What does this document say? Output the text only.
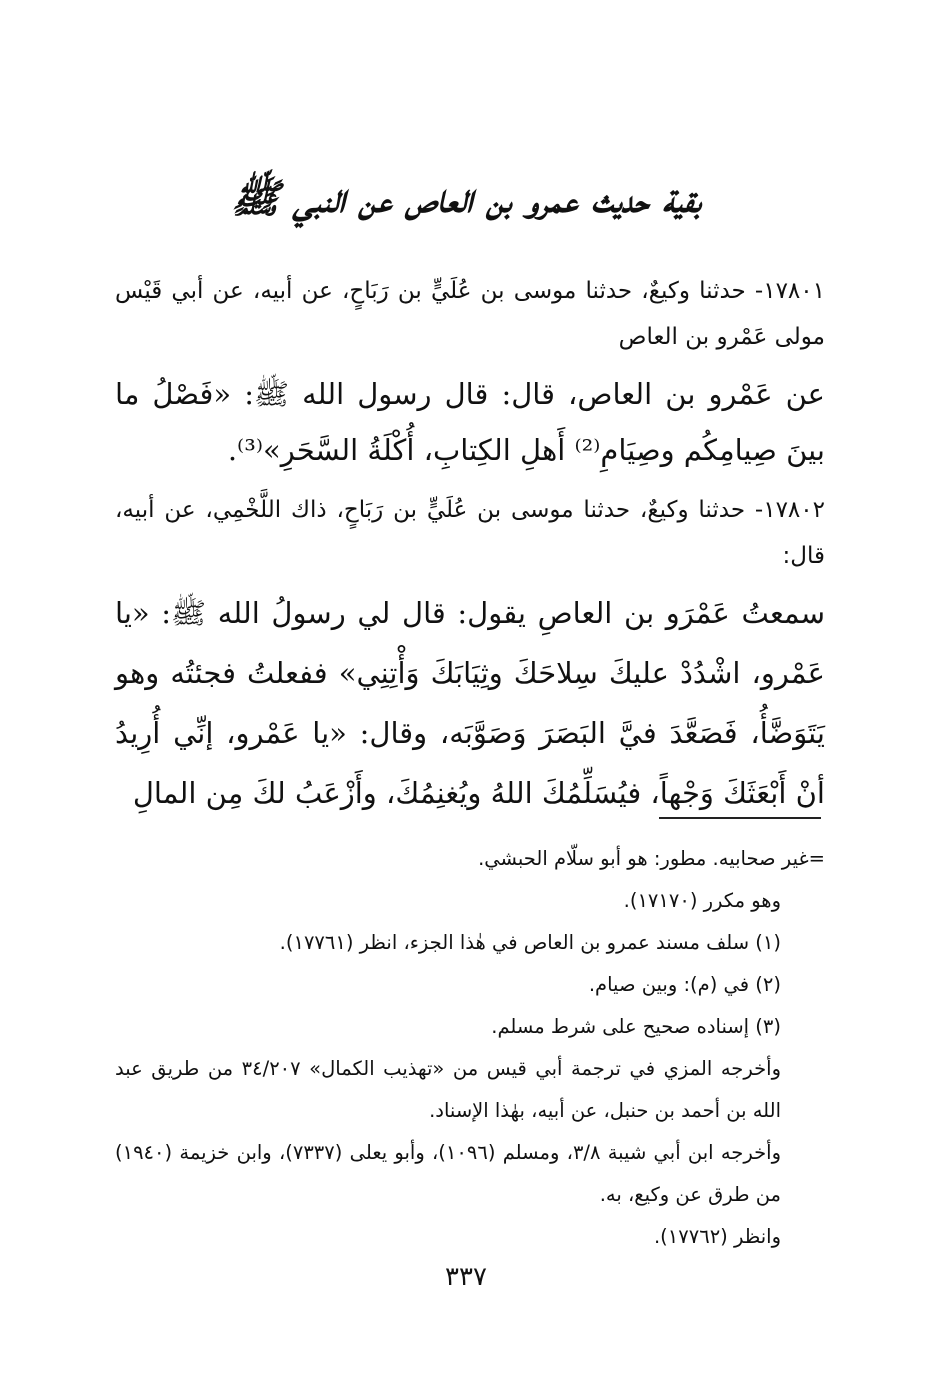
بقية حديث عمرو بن العاص عن النبي ﷺ
١٧٨٠١- حدثنا وكيعٌ، حدثنا موسى بن عُلَيٍّ بن رَبَاحٍ، عن أبيه، عن أبي قَيْس مولى عَمْرو بن العاص
عن عَمْرو بن العاص، قال: قال رسول الله ﷺ: «فَصْلُ ما بينَ صِيامِكُم وصِيَامِ⁽²⁾ أَهلِ الكِتابِ، أُكْلَةُ السَّحَرِ»⁽³⁾.
١٧٨٠٢- حدثنا وكيعٌ، حدثنا موسى بن عُلَيٍّ بن رَبَاحٍ، ذاك اللَّخْمِي، عن أبيه، قال:
سمعتُ عَمْرَو بن العاصِ يقول: قال لي رسولُ الله ﷺ: «يا عَمْرو، اشْدُدْ عليكَ سِلاحَكَ وثِيَابَكَ وَأْتِنِي» ففعلتُ فجئتُه وهو يَتَوَضَّأُ، فَصَعَّدَ فيَّ البَصَرَ وَصَوَّبَه، وقال: «يا عَمْرو، إنِّي أُرِيدُ أنْ أَبْعَثَكَ وَجْهاً، فيُسَلِّمُكَ اللهُ ويُغنِمُكَ، وأَزْعَبُ لكَ مِن المالِ

=غير صحابيه. مطور: هو أبو سلّام الحبشي.

وهو مكرر (١٧١٧٠).

(١) سلف مسند عمرو بن العاص في هٰذا الجزء، انظر (١٧٧٦١).

(٢) في (م): وبين صيام.

(٣) إسناده صحيح على شرط مسلم.

وأخرجه المزي في ترجمة أبي قيس من «تهذيب الكمال» ٣٤/٢٠٧ من طريق عبد الله بن أحمد بن حنبل، عن أبيه، بهٰذا الإسناد.

وأخرجه ابن أبي شيبة ٣/٨، ومسلم (١٠٩٦)، وأبو يعلى (٧٣٣٧)، وابن خزيمة (١٩٤٠) من طرق عن وكيع، به.

وانظر (١٧٧٦٢).

٣٣٧
